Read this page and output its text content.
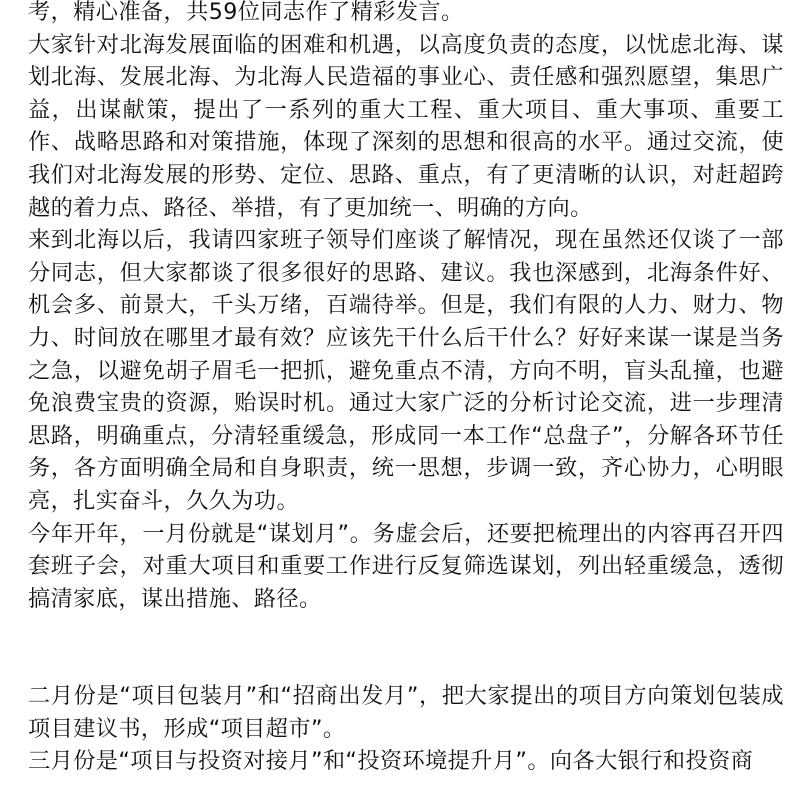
考，精心准备，共59位同志作了精彩发言。

大家针对北海发展面临的困难和机遇，以高度负责的态度，以忧虑北海、谋划北海、发展北海、为北海人民造福的事业心、责任感和强烈愿望，集思广益，出谋献策，提出了一系列的重大工程、重大项目、重大事项、重要工作、战略思路和对策措施，体现了深刻的思想和很高的水平。通过交流，使我们对北海发展的形势、定位、思路、重点，有了更清晰的认识，对赶超跨越的着力点、路径、举措，有了更加统一、明确的方向。

来到北海以后，我请四家班子领导们座谈了解情况，现在虽然还仅谈了一部分同志，但大家都谈了很多很好的思路、建议。我也深感到，北海条件好、机会多、前景大，千头万绪，百端待举。但是，我们有限的人力、财力、物力、时间放在哪里才最有效？应该先干什么后干什么？好好来谋一谋是当务之急，以避免胡子眉毛一把抓，避免重点不清，方向不明，盲头乱撞，也避免浪费宝贵的资源，贻误时机。通过大家广泛的分析讨论交流，进一步理清思路，明确重点，分清轻重缓急，形成同一本工作“总盘子”，分解各环节任务，各方面明确全局和自身职责，统一思想，步调一致，齐心协力，心明眼亮，扎实奋斗，久久为功。

今年开年，一月份就是“谋划月”。务虚会后，还要把梳理出的内容再召开四套班子会，对重大项目和重要工作进行反复筛选谋划，列出轻重缓急，透彻搞清家底，谋出措施、路径。

二月份是“项目包装月”和“招商出发月”，把大家提出的项目方向策划包装成项目建议书，形成“项目超市”。

三月份是“项目与投资对接月”和“投资环境提升月”。向各大银行和投资商
